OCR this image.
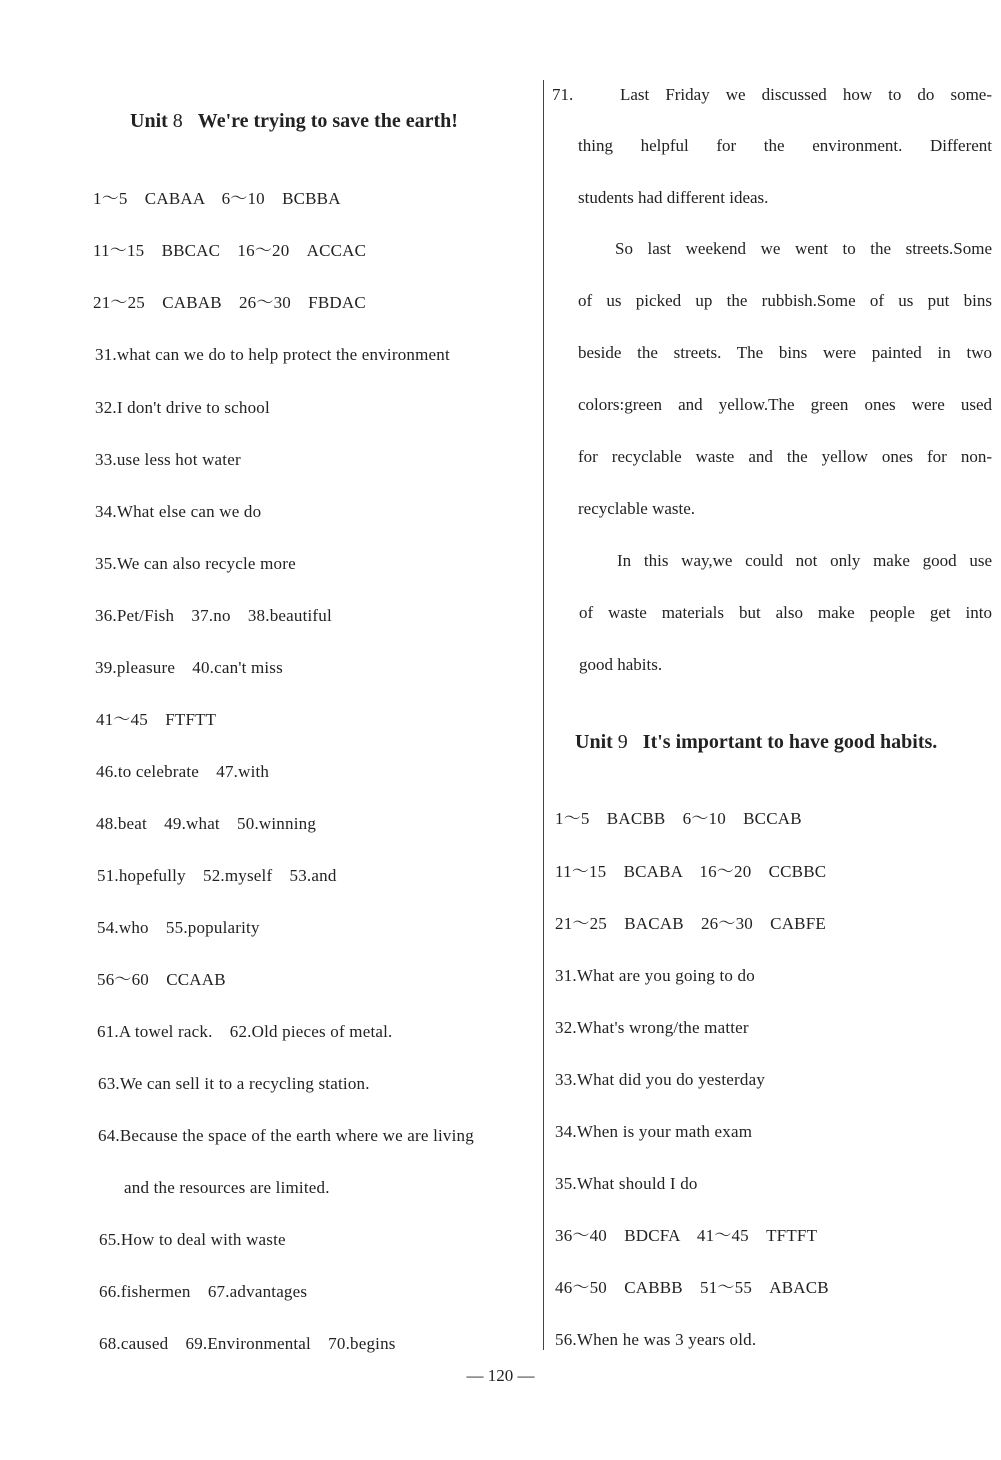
Unit 8 We're trying to save the earth!
1～5　CABAA　6～10　BCBBA
11～15　BBCAC　16～20　ACCAC
21～25　CABAB　26～30　FBDAC
31.what can we do to help protect the environment
32.I don't drive to school
33.use less hot water
34.What else can we do
35.We can also recycle more
36.Pet/Fish　37.no　38.beautiful
39.pleasure　40.can't miss
41～45　FTFTT
46.to celebrate　47.with
48.beat　49.what　50.winning
51.hopefully　52.myself　53.and
54.who　55.popularity
56～60　CCAAB
61.A towel rack.　62.Old pieces of metal.
63.We can sell it to a recycling station.
64.Because the space of the earth where we are living
and the resources are limited.
65.How to deal with waste
66.fishermen　67.advantages
68.caused　69.Environmental　70.begins
71.	Last Friday we discussed how to do some-
thing helpful for the environment. Different
students had different ideas.
So last weekend we went to the streets.Some
of us picked up the rubbish.Some of us put bins
beside the streets. The bins were painted in two
colors:green and yellow.The green ones were used
for recyclable waste and the yellow ones for non-
recyclable waste.
In this way,we could not only make good use
of waste materials but also make people get into
good habits.
Unit 9 It's important to have good habits.
1～5　BACBB　6～10　BCCAB
11～15　BCABA　16～20　CCBBC
21～25　BACAB　26～30　CABFE
31.What are you going to do
32.What's wrong/the matter
33.What did you do yesterday
34.When is your math exam
35.What should I do
36～40　BDCFA　41～45　TFTFT
46～50　CABBB　51～55　ABACB
56.When he was 3 years old.
— 120 —
